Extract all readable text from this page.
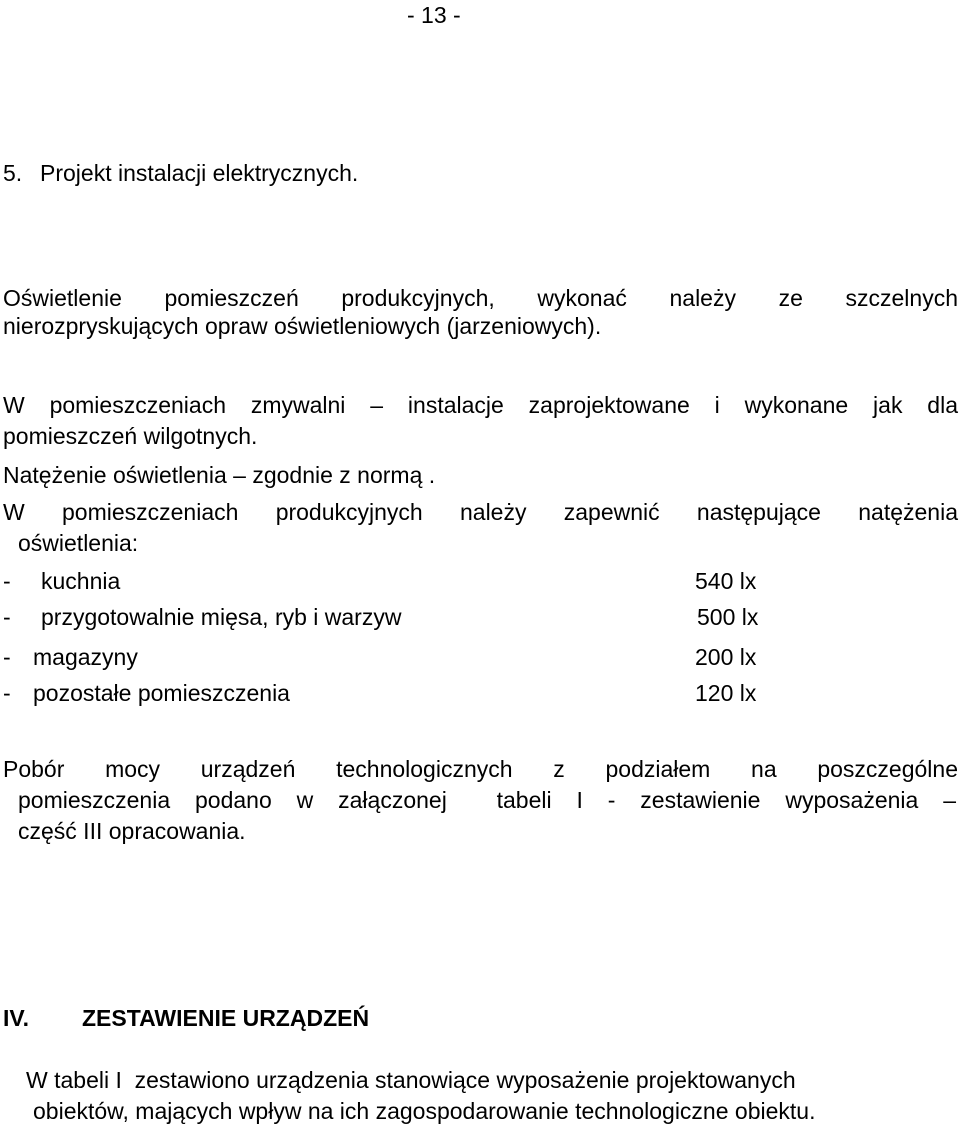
- 13 -
5. Projekt instalacji elektrycznych.
Oświetlenie pomieszczeń produkcyjnych, wykonać należy ze szczelnych
nierozpryskujących opraw oświetleniowych (jarzeniowych).
W pomieszczeniach zmywalni – instalacje zaprojektowane i wykonane jak dla
pomieszczeń wilgotnych.
Natężenie oświetlenia – zgodnie z normą .
W pomieszczeniach produkcyjnych należy zapewnić następujące natężenia
oświetlenia:
- kuchnia	540 lx
- przygotowalnie mięsa, ryb i warzyw	500 lx
- magazyny	200 lx
- pozostałe pomieszczenia	120 lx
Pobór mocy urządzeń technologicznych z podziałem na poszczególne
pomieszczenia podano w załączonej  tabeli I - zestawienie wyposażenia –
część III opracowania.
IV. ZESTAWIENIE URZĄDZEŃ
W tabeli I  zestawiono urządzenia stanowiące wyposażenie projektowanych
obiektów, mających wpływ na ich zagospodarowanie technologiczne obiektu.
